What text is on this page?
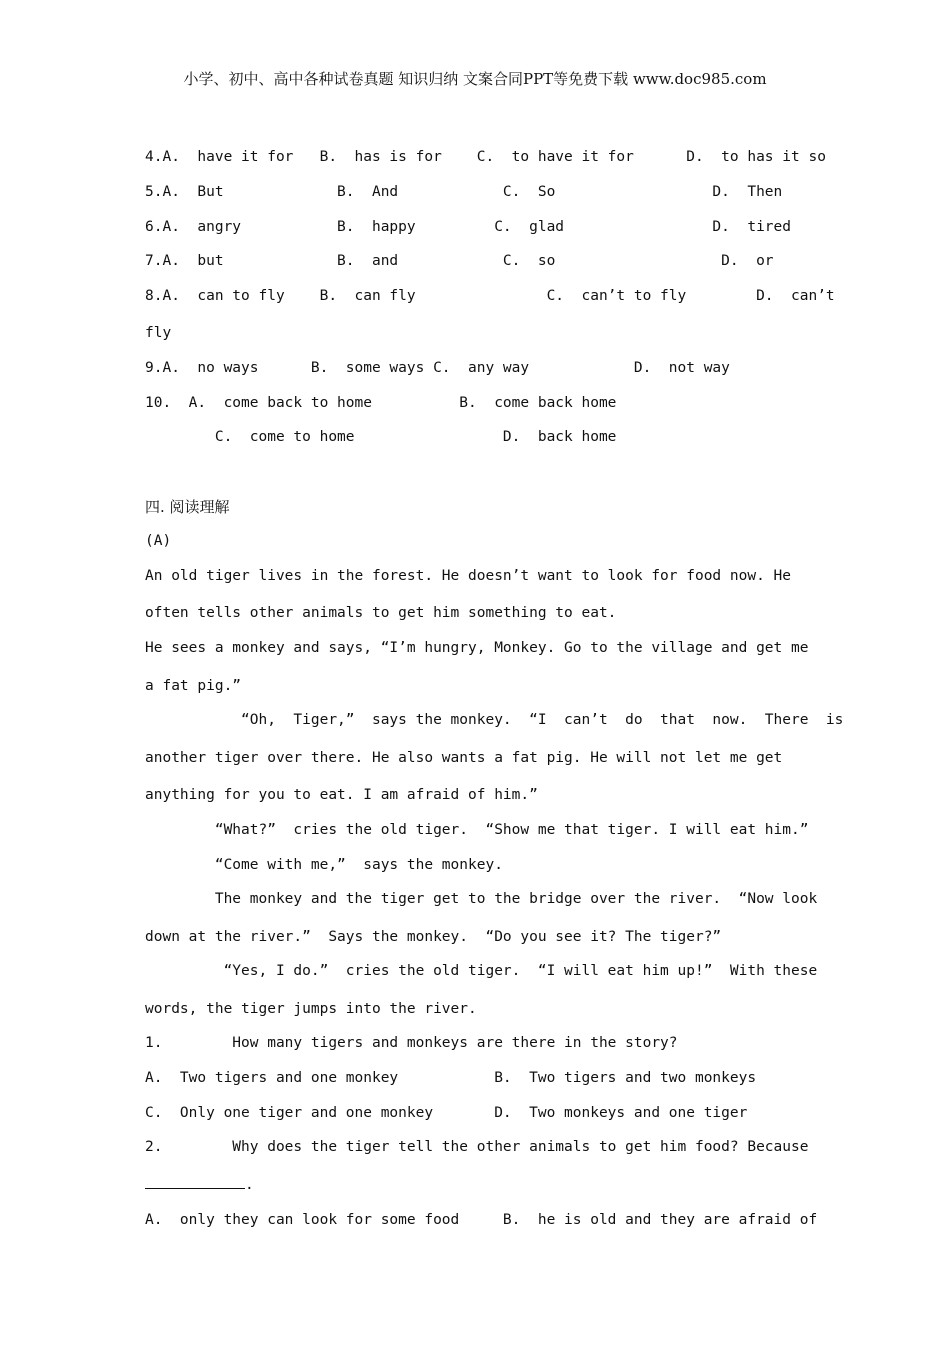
小学、初中、高中各种试卷真题 知识归纳 文案合同PPT等免费下载 www.doc985.com
4.A.  have it for   B.  has is for    C.  to have it for      D.  to has it so
5.A.  But             B.  And            C.  So                  D.  Then
6.A.  angry           B.  happy         C.  glad                 D.  tired
7.A.  but             B.  and            C.  so                   D.  or
8.A.  can to fly    B.  can fly               C.  can’t to fly        D.  can’t
fly
9.A.  no ways      B.  some ways C.  any way            D.  not way
10.  A.  come back to home          B.  come back home
C.  come to home                 D.  back home
四. 阅读理解
(A)
An old tiger lives in the forest. He doesn’t want to look for food now. He
often tells other animals to get him something to eat.
He sees a monkey and says, “I’m hungry, Monkey. Go to the village and get me
a fat pig.”
“Oh,  Tiger,”  says the monkey.  “I  can’t  do  that  now.  There  is
another tiger over there. He also wants a fat pig. He will not let me get
anything for you to eat. I am afraid of him.”
“What?”  cries the old tiger.  “Show me that tiger. I will eat him.”
“Come with me,”  says the monkey.
The monkey and the tiger get to the bridge over the river.  “Now look
down at the river.”  Says the monkey.  “Do you see it? The tiger?”
“Yes, I do.”  cries the old tiger.  “I will eat him up!”  With these
words, the tiger jumps into the river.
1.        How many tigers and monkeys are there in the story?
A.  Two tigers and one monkey           B.  Two tigers and two monkeys
C.  Only one tiger and one monkey       D.  Two monkeys and one tiger
2.        Why does the tiger tell the other animals to get him food? Because
.
A.  only they can look for some food     B.  he is old and they are afraid of
